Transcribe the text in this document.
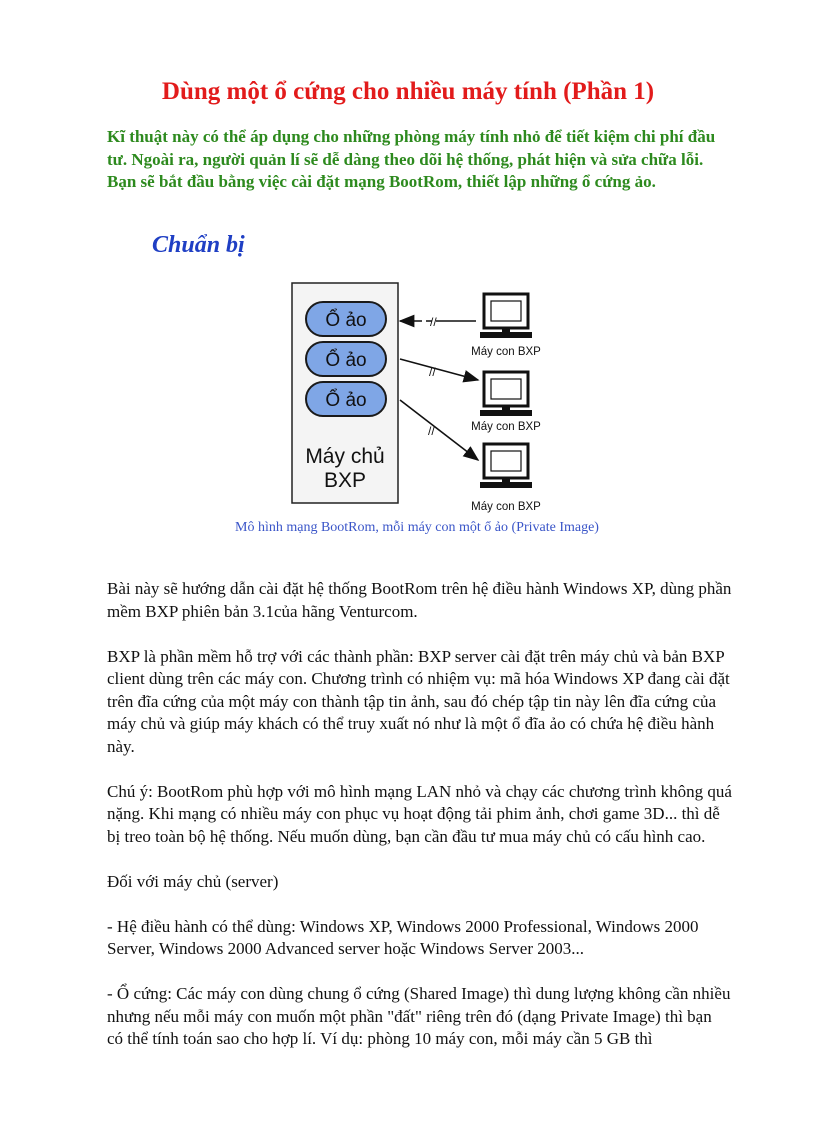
Dùng một ổ cứng cho nhiều máy tính (Phần 1)

Kĩ thuật này có thể áp dụng cho những phòng máy tính nhỏ để tiết kiệm chi phí đầu tư. Ngoài ra, người quản lí sẽ dễ dàng theo dõi hệ thống, phát hiện và sửa chữa lỗi. Bạn sẽ bắt đầu bằng việc cài đặt mạng BootRom, thiết lập những ổ cứng ảo.

Chuẩn bị
Ổ ảo
Ổ ảo
Ổ ảo
Máy chủ
BXP
//
//
//
Máy con BXP
Máy con BXP
Máy con BXP

Mô hình mạng BootRom, mỗi máy con một ổ ảo (Private Image)

Bài này sẽ hướng dẫn cài đặt hệ thống BootRom trên hệ điều hành Windows XP, dùng phần mềm BXP phiên bản 3.1của hãng Venturcom.

BXP là phần mềm hỗ trợ với các thành phần: BXP server cài đặt trên máy chủ và bản BXP client dùng trên các máy con. Chương trình có nhiệm vụ: mã hóa Windows XP đang cài đặt trên đĩa cứng của một máy con thành tập tin ảnh, sau đó chép tập tin này lên đĩa cứng của máy chủ và giúp máy khách có thể truy xuất nó như là một ổ đĩa ảo có chứa hệ điều hành này.

Chú ý: BootRom phù hợp với mô hình mạng LAN nhỏ và chạy các chương trình không quá nặng. Khi mạng có nhiều máy con phục vụ hoạt động tải phim ảnh, chơi game 3D... thì dễ bị treo toàn bộ hệ thống. Nếu muốn dùng, bạn cần đầu tư mua máy chủ có cấu hình cao.

Đối với máy chủ (server)

- Hệ điều hành có thể dùng: Windows XP, Windows 2000 Professional, Windows 2000 Server, Windows 2000 Advanced server hoặc Windows Server 2003...

- Ổ cứng: Các máy con dùng chung ổ cứng (Shared Image) thì dung lượng không cần nhiều nhưng nếu mỗi máy con muốn một phần "đất" riêng trên đó (dạng Private Image) thì bạn có thể tính toán sao cho hợp lí. Ví dụ: phòng 10 máy con, mỗi máy cần 5 GB thì
